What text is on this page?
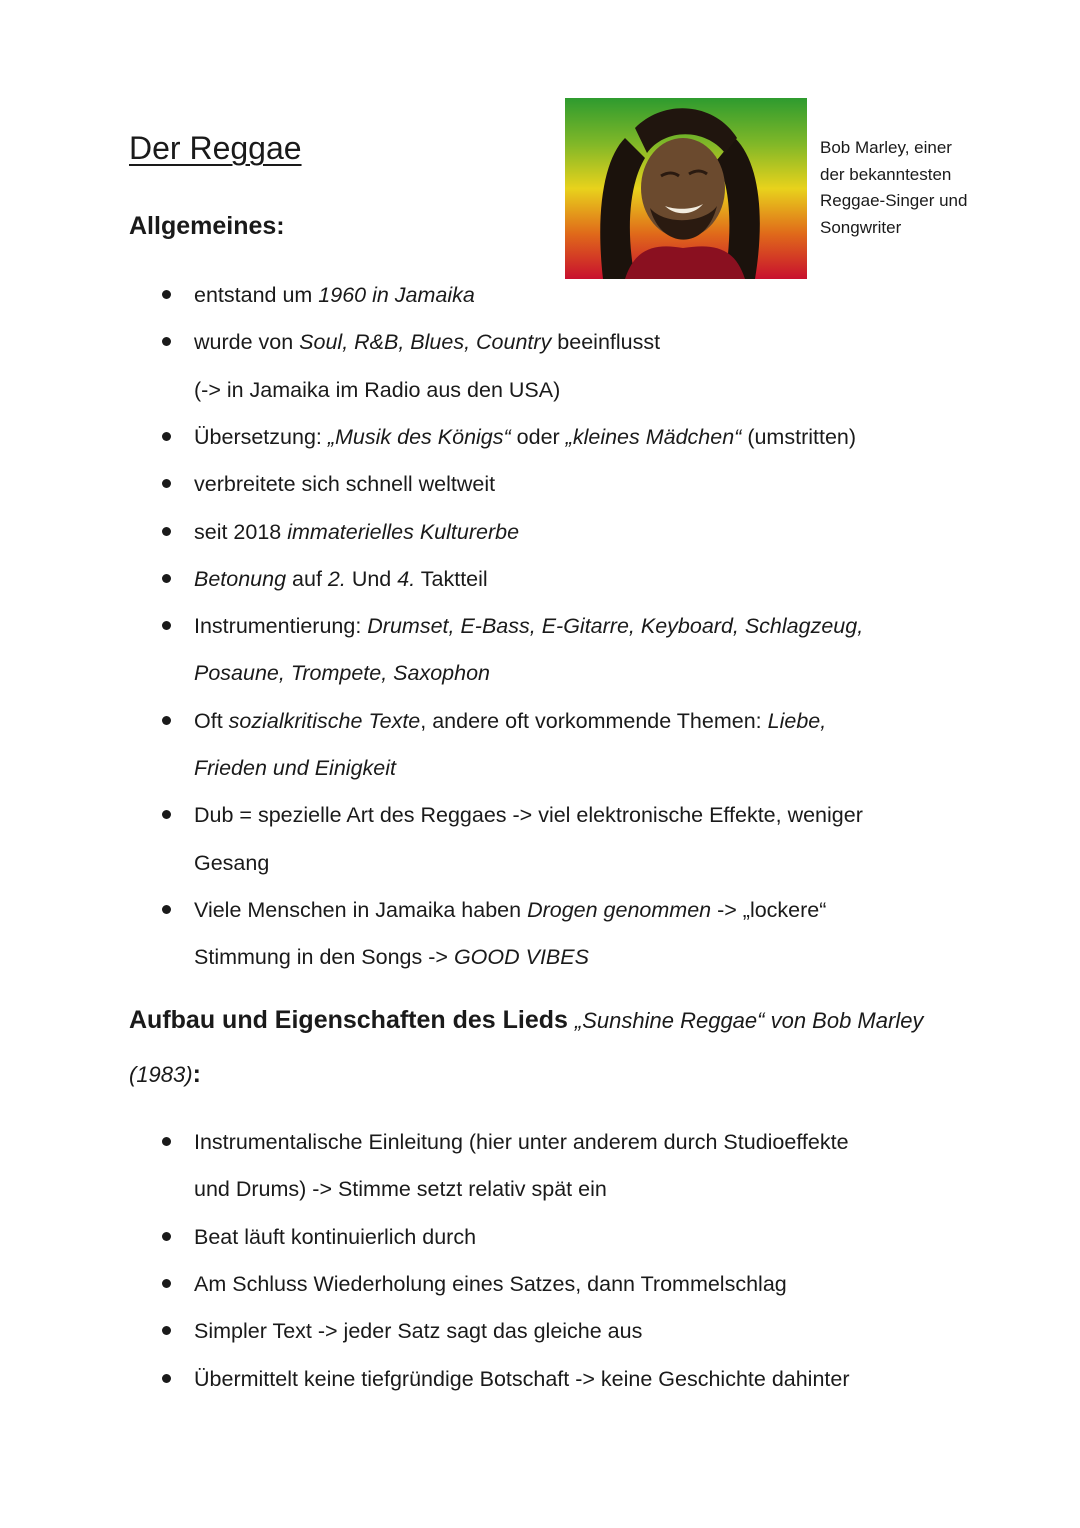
Der Reggae
Allgemeines:
Bob Marley, einer
der bekanntesten
Reggae-Singer und
Songwriter
entstand um 1960 in Jamaika
wurde von Soul, R&B, Blues, Country beeinflusst
(-> in Jamaika im Radio aus den USA)
Übersetzung: „Musik des Königs“ oder „kleines Mädchen“ (umstritten)
verbreitete sich schnell weltweit
seit 2018 immaterielles Kulturerbe
Betonung auf 2. Und 4. Taktteil
Instrumentierung: Drumset, E-Bass, E-Gitarre, Keyboard, Schlagzeug,
Posaune, Trompete, Saxophon
Oft sozialkritische Texte, andere oft vorkommende Themen: Liebe,
Frieden und Einigkeit
Dub = spezielle Art des Reggaes -> viel elektronische Effekte, weniger
Gesang
Viele Menschen in Jamaika haben Drogen genommen -> „lockere“
Stimmung in den Songs -> GOOD VIBES
Aufbau und Eigenschaften des Lieds „Sunshine Reggae“ von Bob Marley
(1983):
Instrumentalische Einleitung (hier unter anderem durch Studioeffekte
und Drums) -> Stimme setzt relativ spät ein
Beat läuft kontinuierlich durch
Am Schluss Wiederholung eines Satzes, dann Trommelschlag
Simpler Text -> jeder Satz sagt das gleiche aus
Übermittelt keine tiefgründige Botschaft -> keine Geschichte dahinter
